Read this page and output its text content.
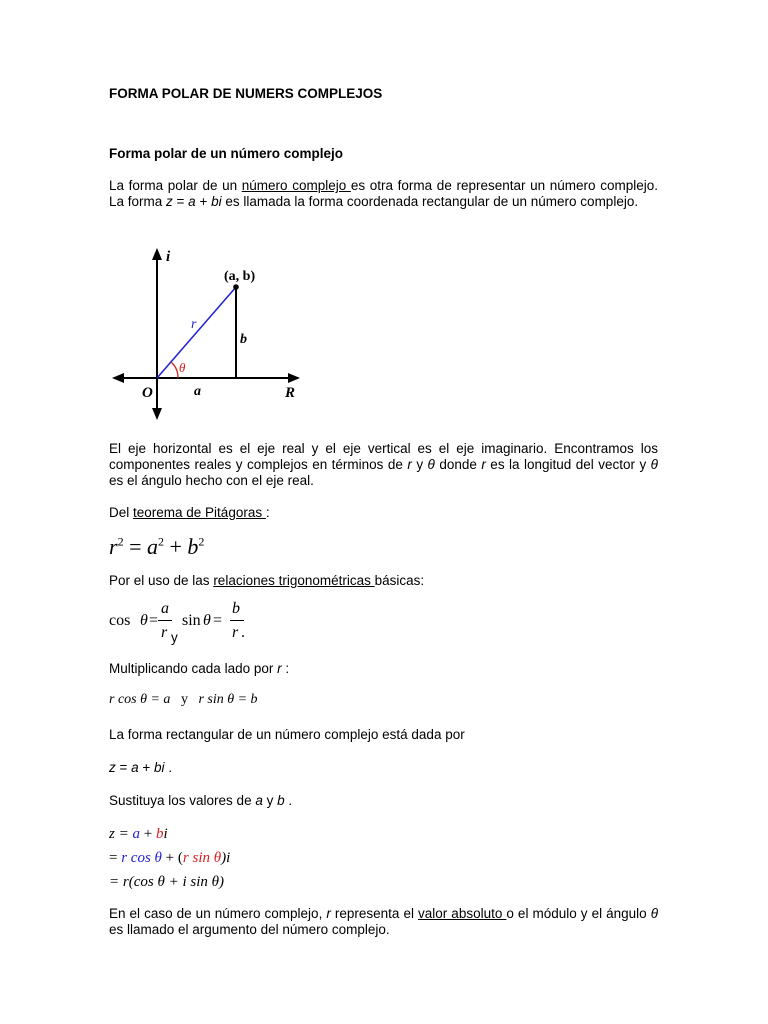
FORMA POLAR DE NUMERS COMPLEJOS
Forma polar de un número complejo
La forma polar de un número complejo es otra forma de representar un número complejo. La forma z = a + bi es llamada la forma coordenada rectangular de un número complejo.
i
(a, b)
r
b
θ
O	a	R
El eje horizontal es el eje real y el eje vertical es el eje imaginario. Encontramos los componentes reales y complejos en términos de r y θ donde r es la longitud del vector y θ es el ángulo hecho con el eje real.
Del teorema de Pitágoras :
$r^2 = a^2 + b^2$
Por el uso de las relaciones trigonométricas básicas:
cos θ =
a
r y
sin θ =
b
r .
Multiplicando cada lado por r :
r cos θ = a y r sin θ = b
La forma rectangular de un número complejo está dada por
z = a + bi .
Sustituya los valores de a y b .
z = a + bi
= r cos θ + (r sin θ)i
= r(cos θ + i sin θ)
En el caso de un número complejo, r representa el valor absoluto o el módulo y el ángulo θ es llamado el argumento del número complejo.
